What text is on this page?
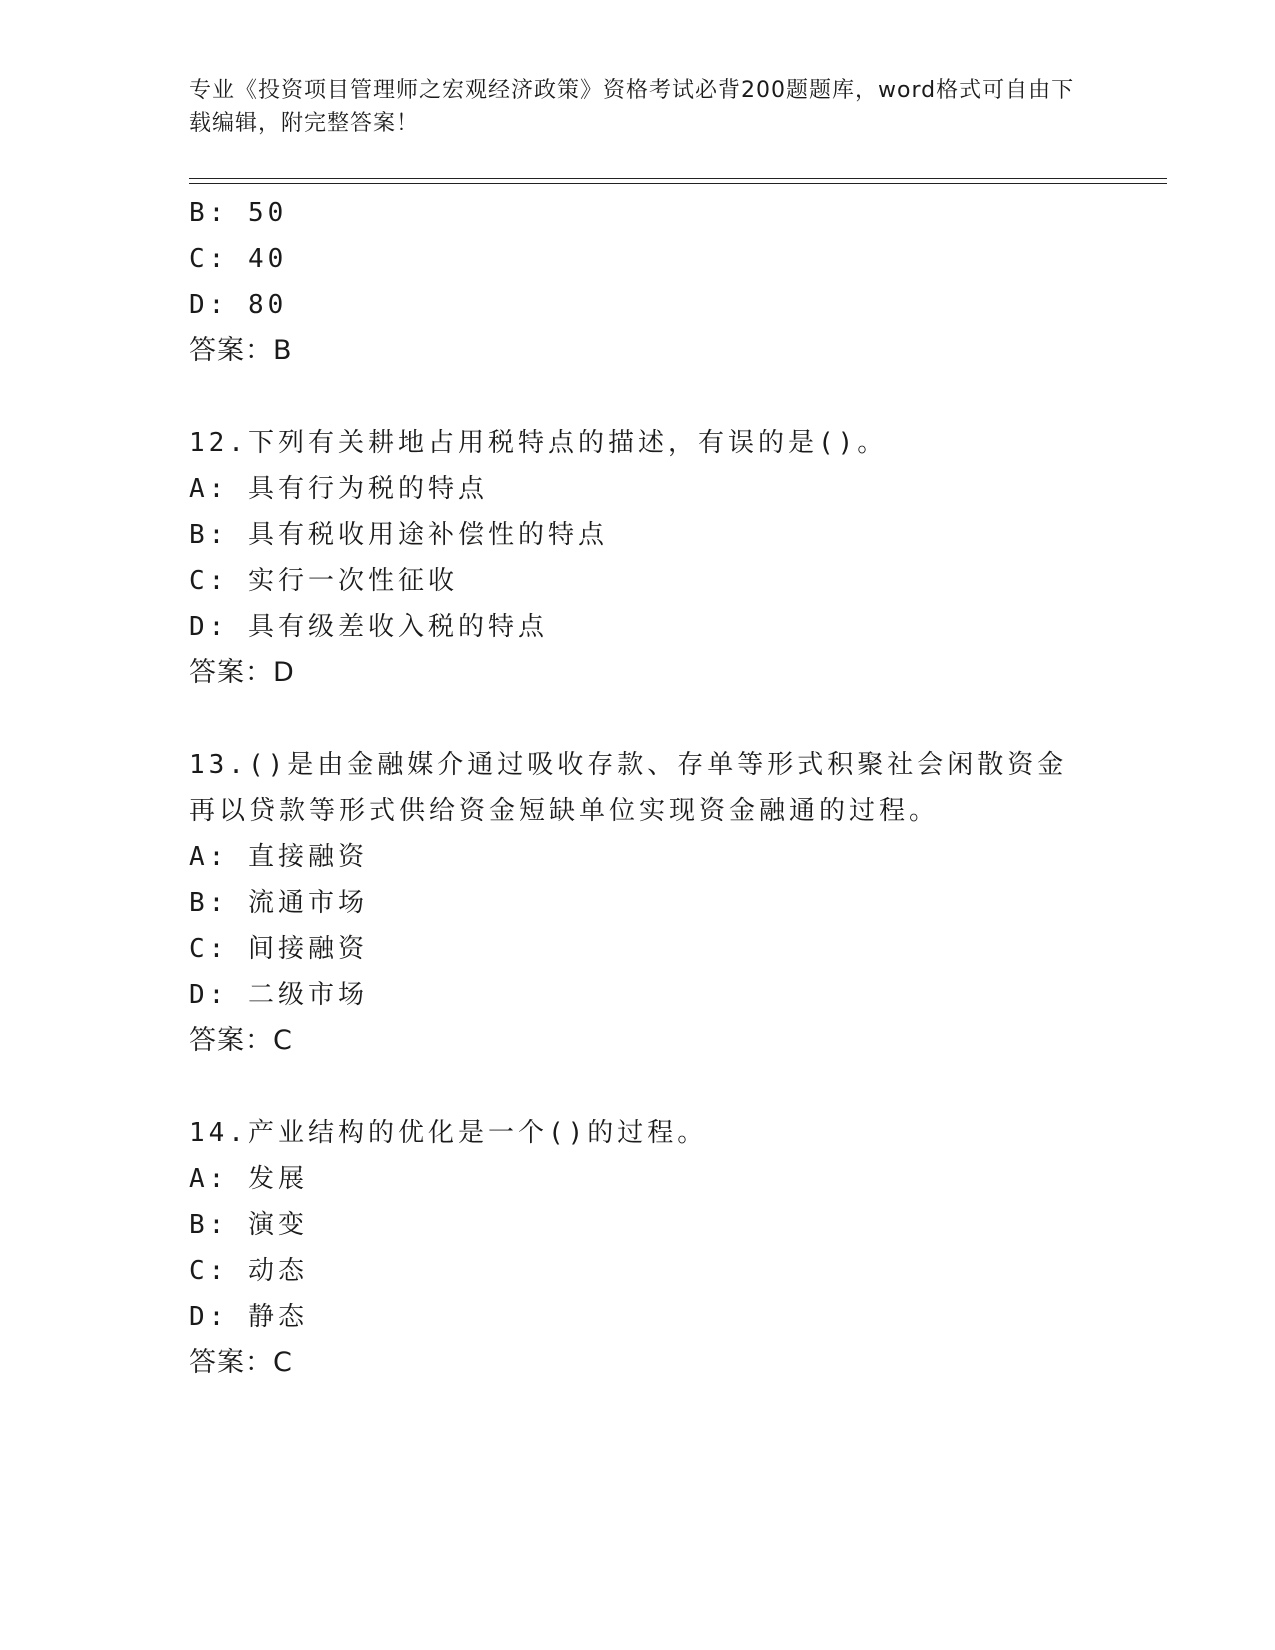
专业《投资项目管理师之宏观经济政策》资格考试必背200题题库，word格式可自由下载编辑，附完整答案！
B: 50
C: 40
D: 80
答案：B
12.下列有关耕地占用税特点的描述，有误的是()。
A: 具有行为税的特点
B: 具有税收用途补偿性的特点
C: 实行一次性征收
D: 具有级差收入税的特点
答案：D
13.()是由金融媒介通过吸收存款、存单等形式积聚社会闲散资金再以贷款等形式供给资金短缺单位实现资金融通的过程。
A: 直接融资
B: 流通市场
C: 间接融资
D: 二级市场
答案：C
14.产业结构的优化是一个()的过程。
A: 发展
B: 演变
C: 动态
D: 静态
答案：C
